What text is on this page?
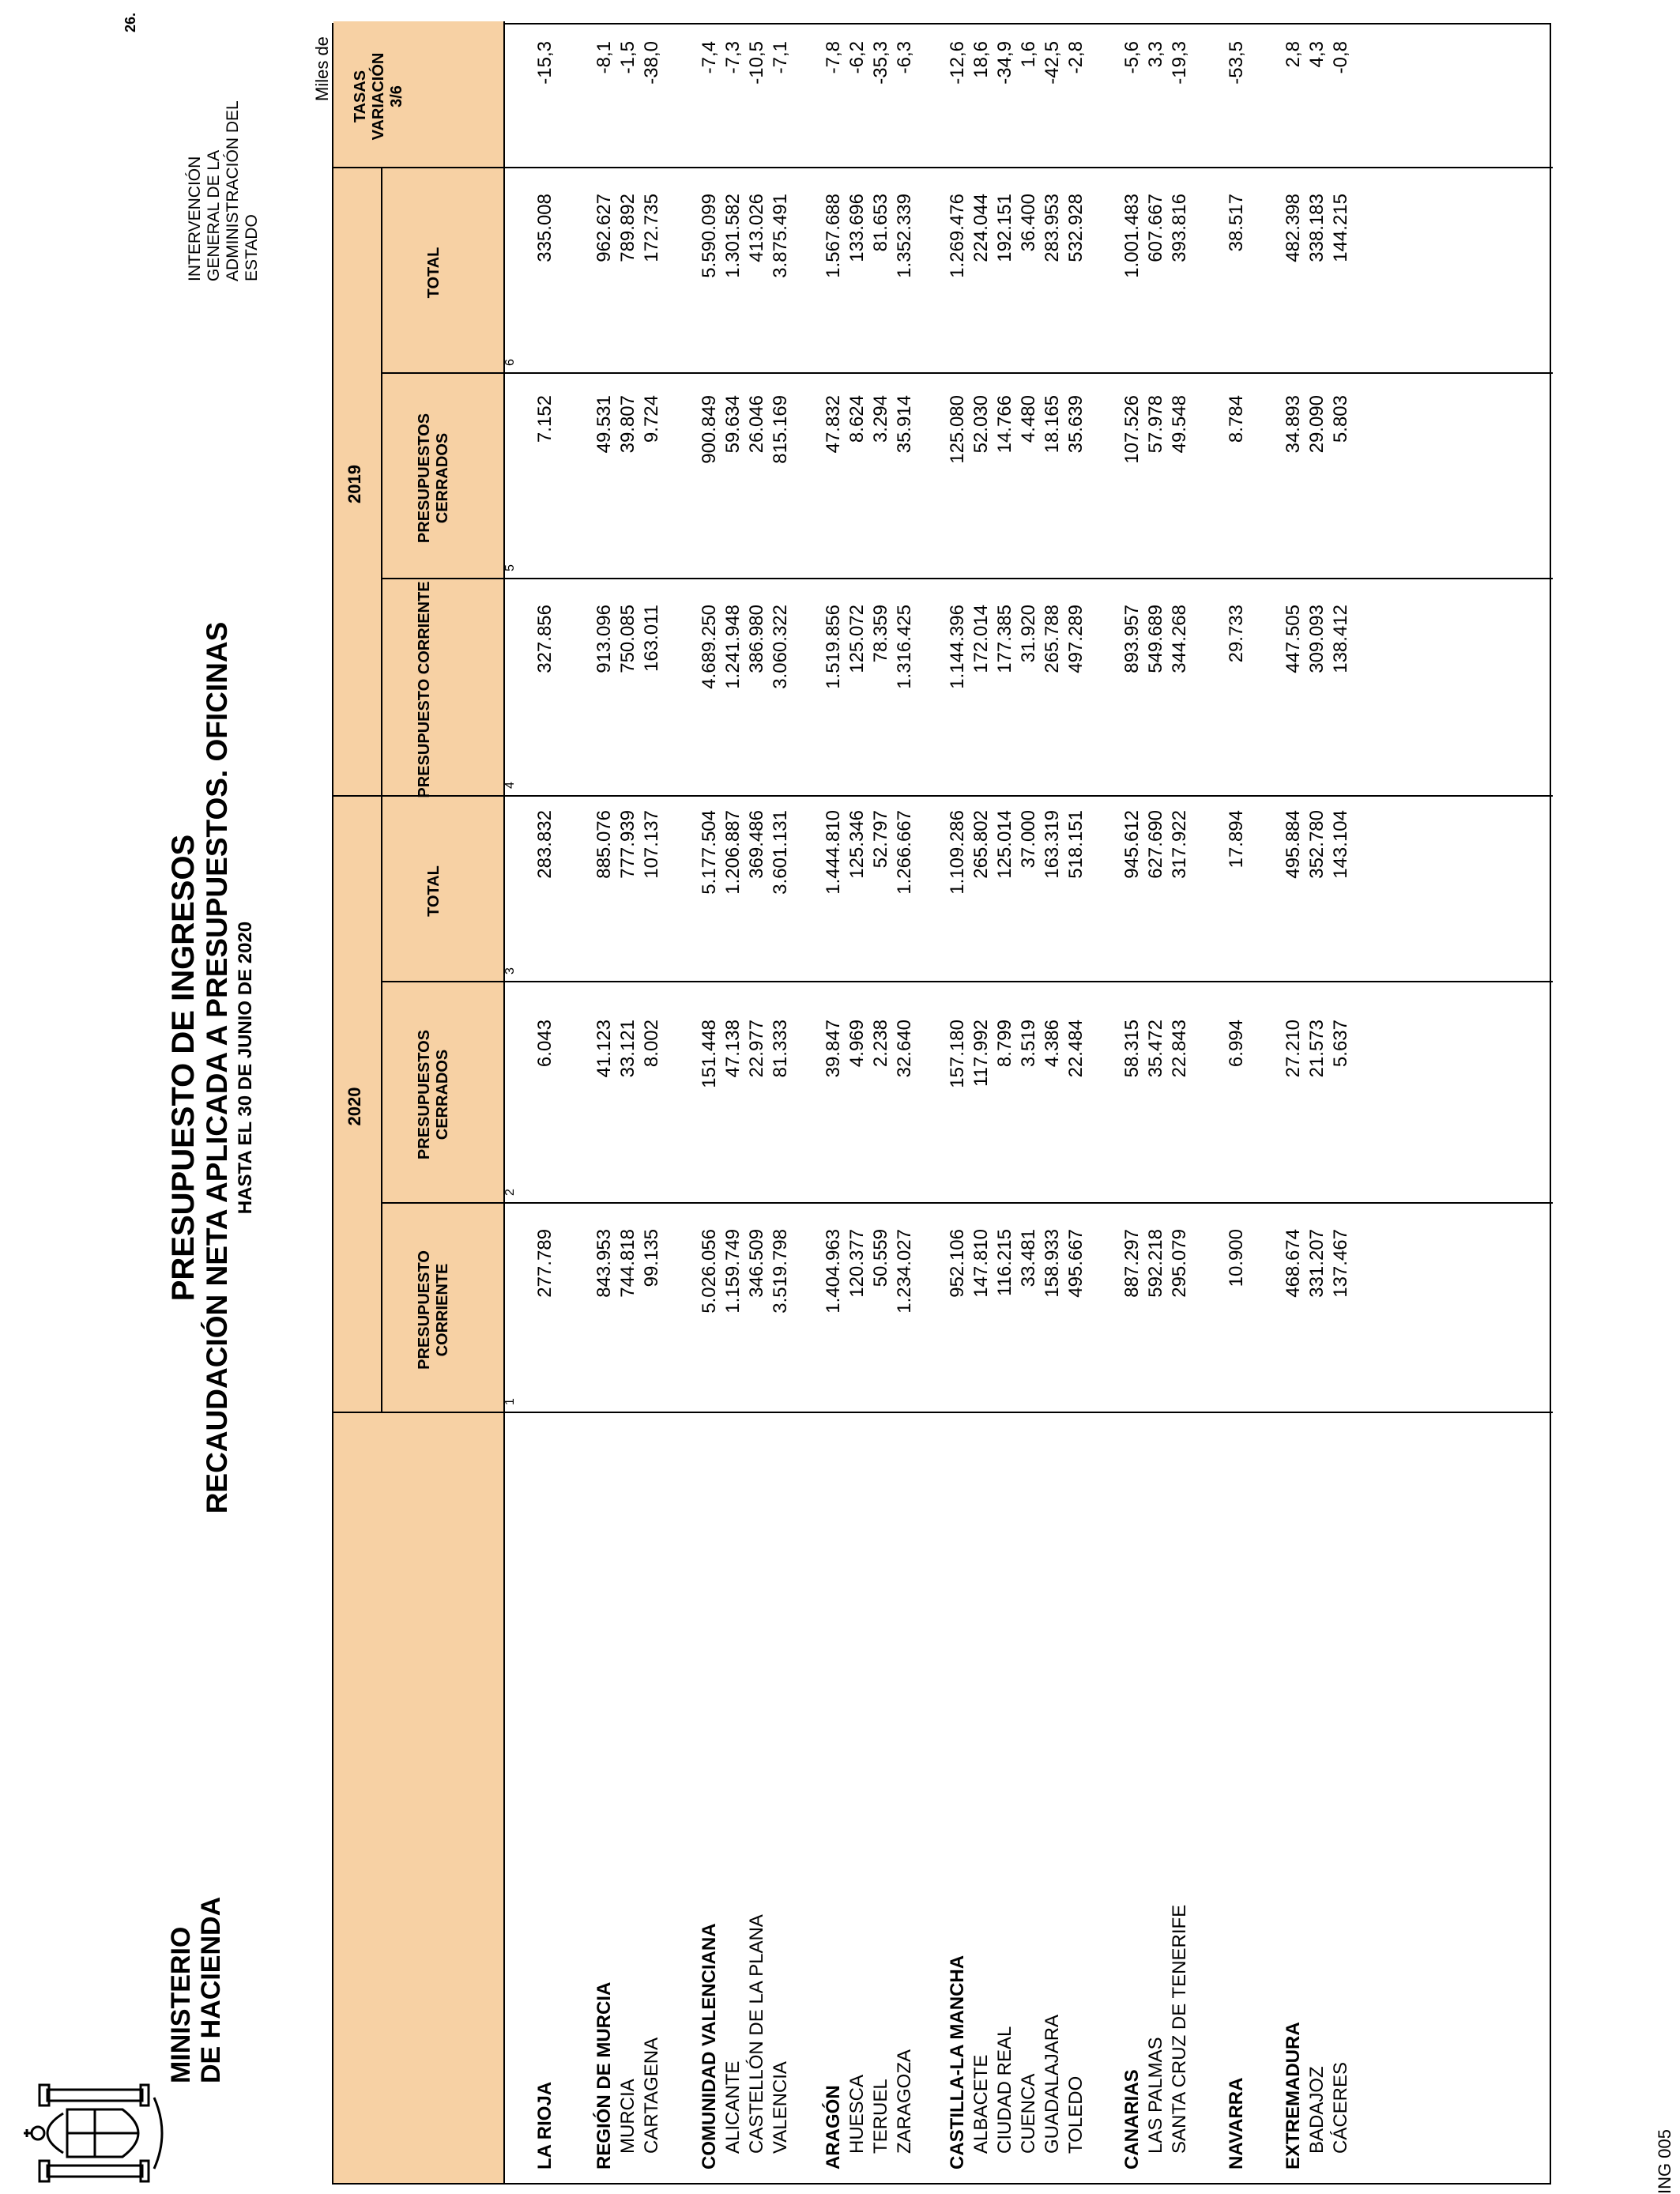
MINISTERIO DE HACIENDA
PRESUPUESTO DE INGRESOS RECAUDACIÓN NETA APLICADA A PRESUPUESTOS. OFICINAS HASTA EL 30 DE JUNIO DE 2020
INTERVENCIÓN GENERAL DE LA ADMINISTRACIÓN DEL ESTADO
26.
Miles de
2020
2019
PRESUPUESTO CORRIENTE
PRESUPUESTOS CERRADOS
TOTAL
PRESUPUESTO CORRIENTE
PRESUPUESTOS CERRADOS
TOTAL
TASAS VARIACIÓN 3/6
1
2
3
4
5
6
LA RIOJA
277.789
6.043
283.832
327.856
7.152
335.008
-15,3
REGIÓN DE MURCIA
843.953
41.123
885.076
913.096
49.531
962.627
-8,1
MURCIA
744.818
33.121
777.939
750.085
39.807
789.892
-1,5
CARTAGENA
99.135
8.002
107.137
163.011
9.724
172.735
-38,0
COMUNIDAD VALENCIANA
5.026.056
151.448
5.177.504
4.689.250
900.849
5.590.099
-7,4
ALICANTE
1.159.749
47.138
1.206.887
1.241.948
59.634
1.301.582
-7,3
CASTELLÓN DE LA PLANA
346.509
22.977
369.486
386.980
26.046
413.026
-10,5
VALENCIA
3.519.798
81.333
3.601.131
3.060.322
815.169
3.875.491
-7,1
ARAGÓN
1.404.963
39.847
1.444.810
1.519.856
47.832
1.567.688
-7,8
HUESCA
120.377
4.969
125.346
125.072
8.624
133.696
-6,2
TERUEL
50.559
2.238
52.797
78.359
3.294
81.653
-35,3
ZARAGOZA
1.234.027
32.640
1.266.667
1.316.425
35.914
1.352.339
-6,3
CASTILLA-LA MANCHA
952.106
157.180
1.109.286
1.144.396
125.080
1.269.476
-12,6
ALBACETE
147.810
117.992
265.802
172.014
52.030
224.044
18,6
CIUDAD REAL
116.215
8.799
125.014
177.385
14.766
192.151
-34,9
CUENCA
33.481
3.519
37.000
31.920
4.480
36.400
1,6
GUADALAJARA
158.933
4.386
163.319
265.788
18.165
283.953
-42,5
TOLEDO
495.667
22.484
518.151
497.289
35.639
532.928
-2,8
CANARIAS
887.297
58.315
945.612
893.957
107.526
1.001.483
-5,6
LAS PALMAS
592.218
35.472
627.690
549.689
57.978
607.667
3,3
SANTA CRUZ DE TENERIFE
295.079
22.843
317.922
344.268
49.548
393.816
-19,3
NAVARRA
10.900
6.994
17.894
29.733
8.784
38.517
-53,5
EXTREMADURA
468.674
27.210
495.884
447.505
34.893
482.398
2,8
BADAJOZ
331.207
21.573
352.780
309.093
29.090
338.183
4,3
CÁCERES
137.467
5.637
143.104
138.412
5.803
144.215
-0,8
ING 005
